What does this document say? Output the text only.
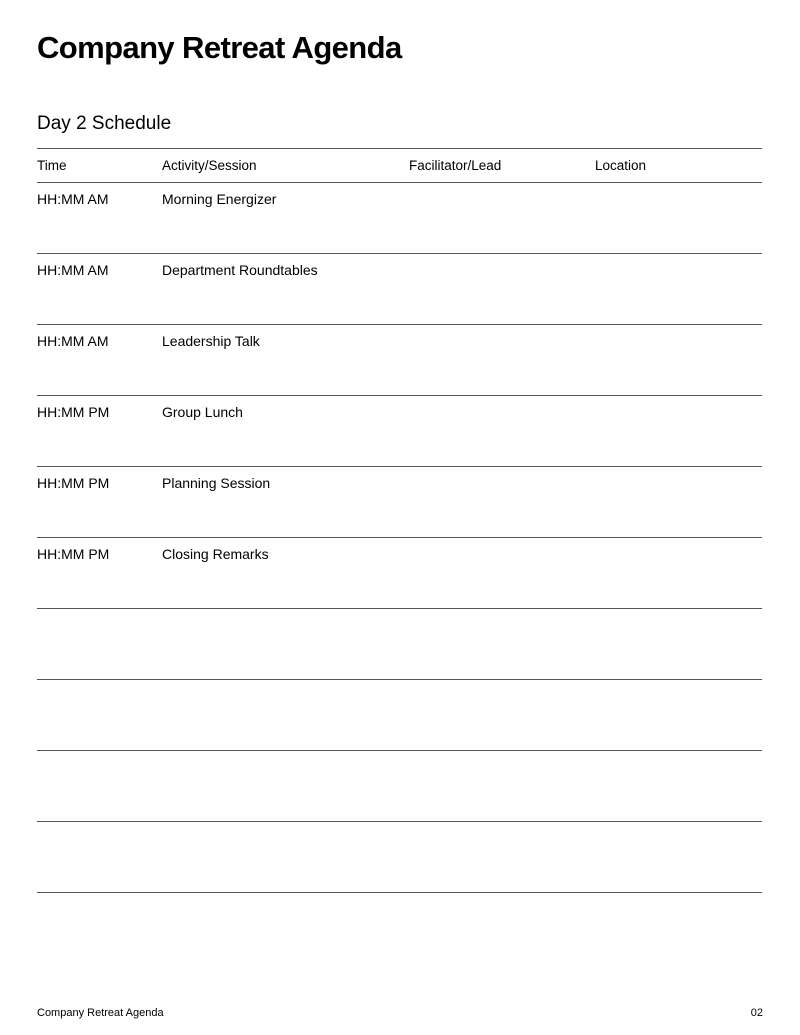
Company Retreat Agenda
Day 2 Schedule
Time	Activity/Session	Facilitator/Lead	Location
HH:MM AM	Morning Energizer
HH:MM AM	Department Roundtables
HH:MM AM	Leadership Talk
HH:MM PM	Group Lunch
HH:MM PM	Planning Session
HH:MM PM	Closing Remarks
Company Retreat Agenda	02
